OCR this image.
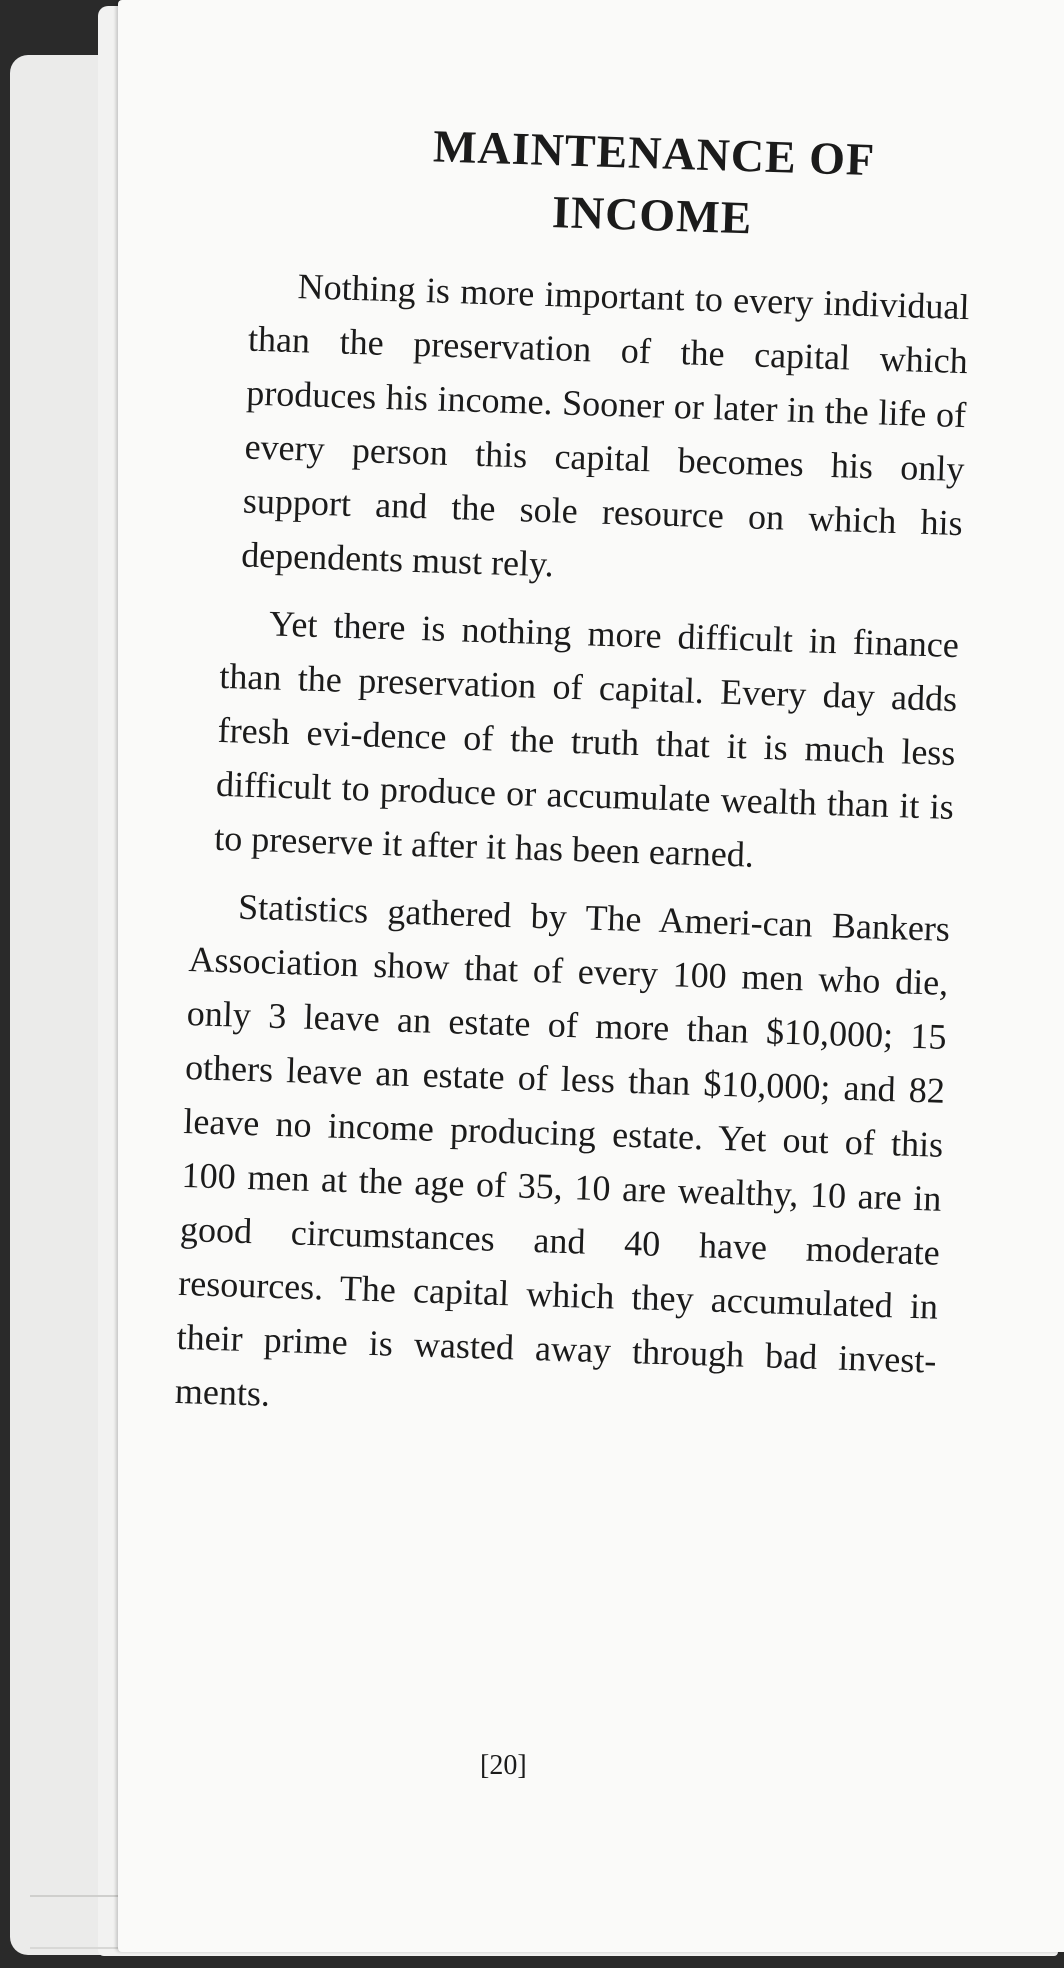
MAINTENANCE OF
INCOME

Nothing is more important to every individual than the preservation of the capital which produces his income. Sooner or later in the life of every person this capital becomes his only support and the sole resource on which his dependents must rely.

Yet there is nothing more difficult in finance than the preservation of capital. Every day adds fresh evi-dence of the truth that it is much less difficult to produce or accumulate wealth than it is to preserve it after it has been earned.

Statistics gathered by The Ameri-can Bankers Association show that of every 100 men who die, only 3 leave an estate of more than $10,000; 15 others leave an estate of less than $10,000; and 82 leave no income producing estate. Yet out of this 100 men at the age of 35, 10 are wealthy, 10 are in good circumstances and 40 have moderate resources. The capital which they accumulated in their prime is wasted away through bad invest-ments.

[20]
